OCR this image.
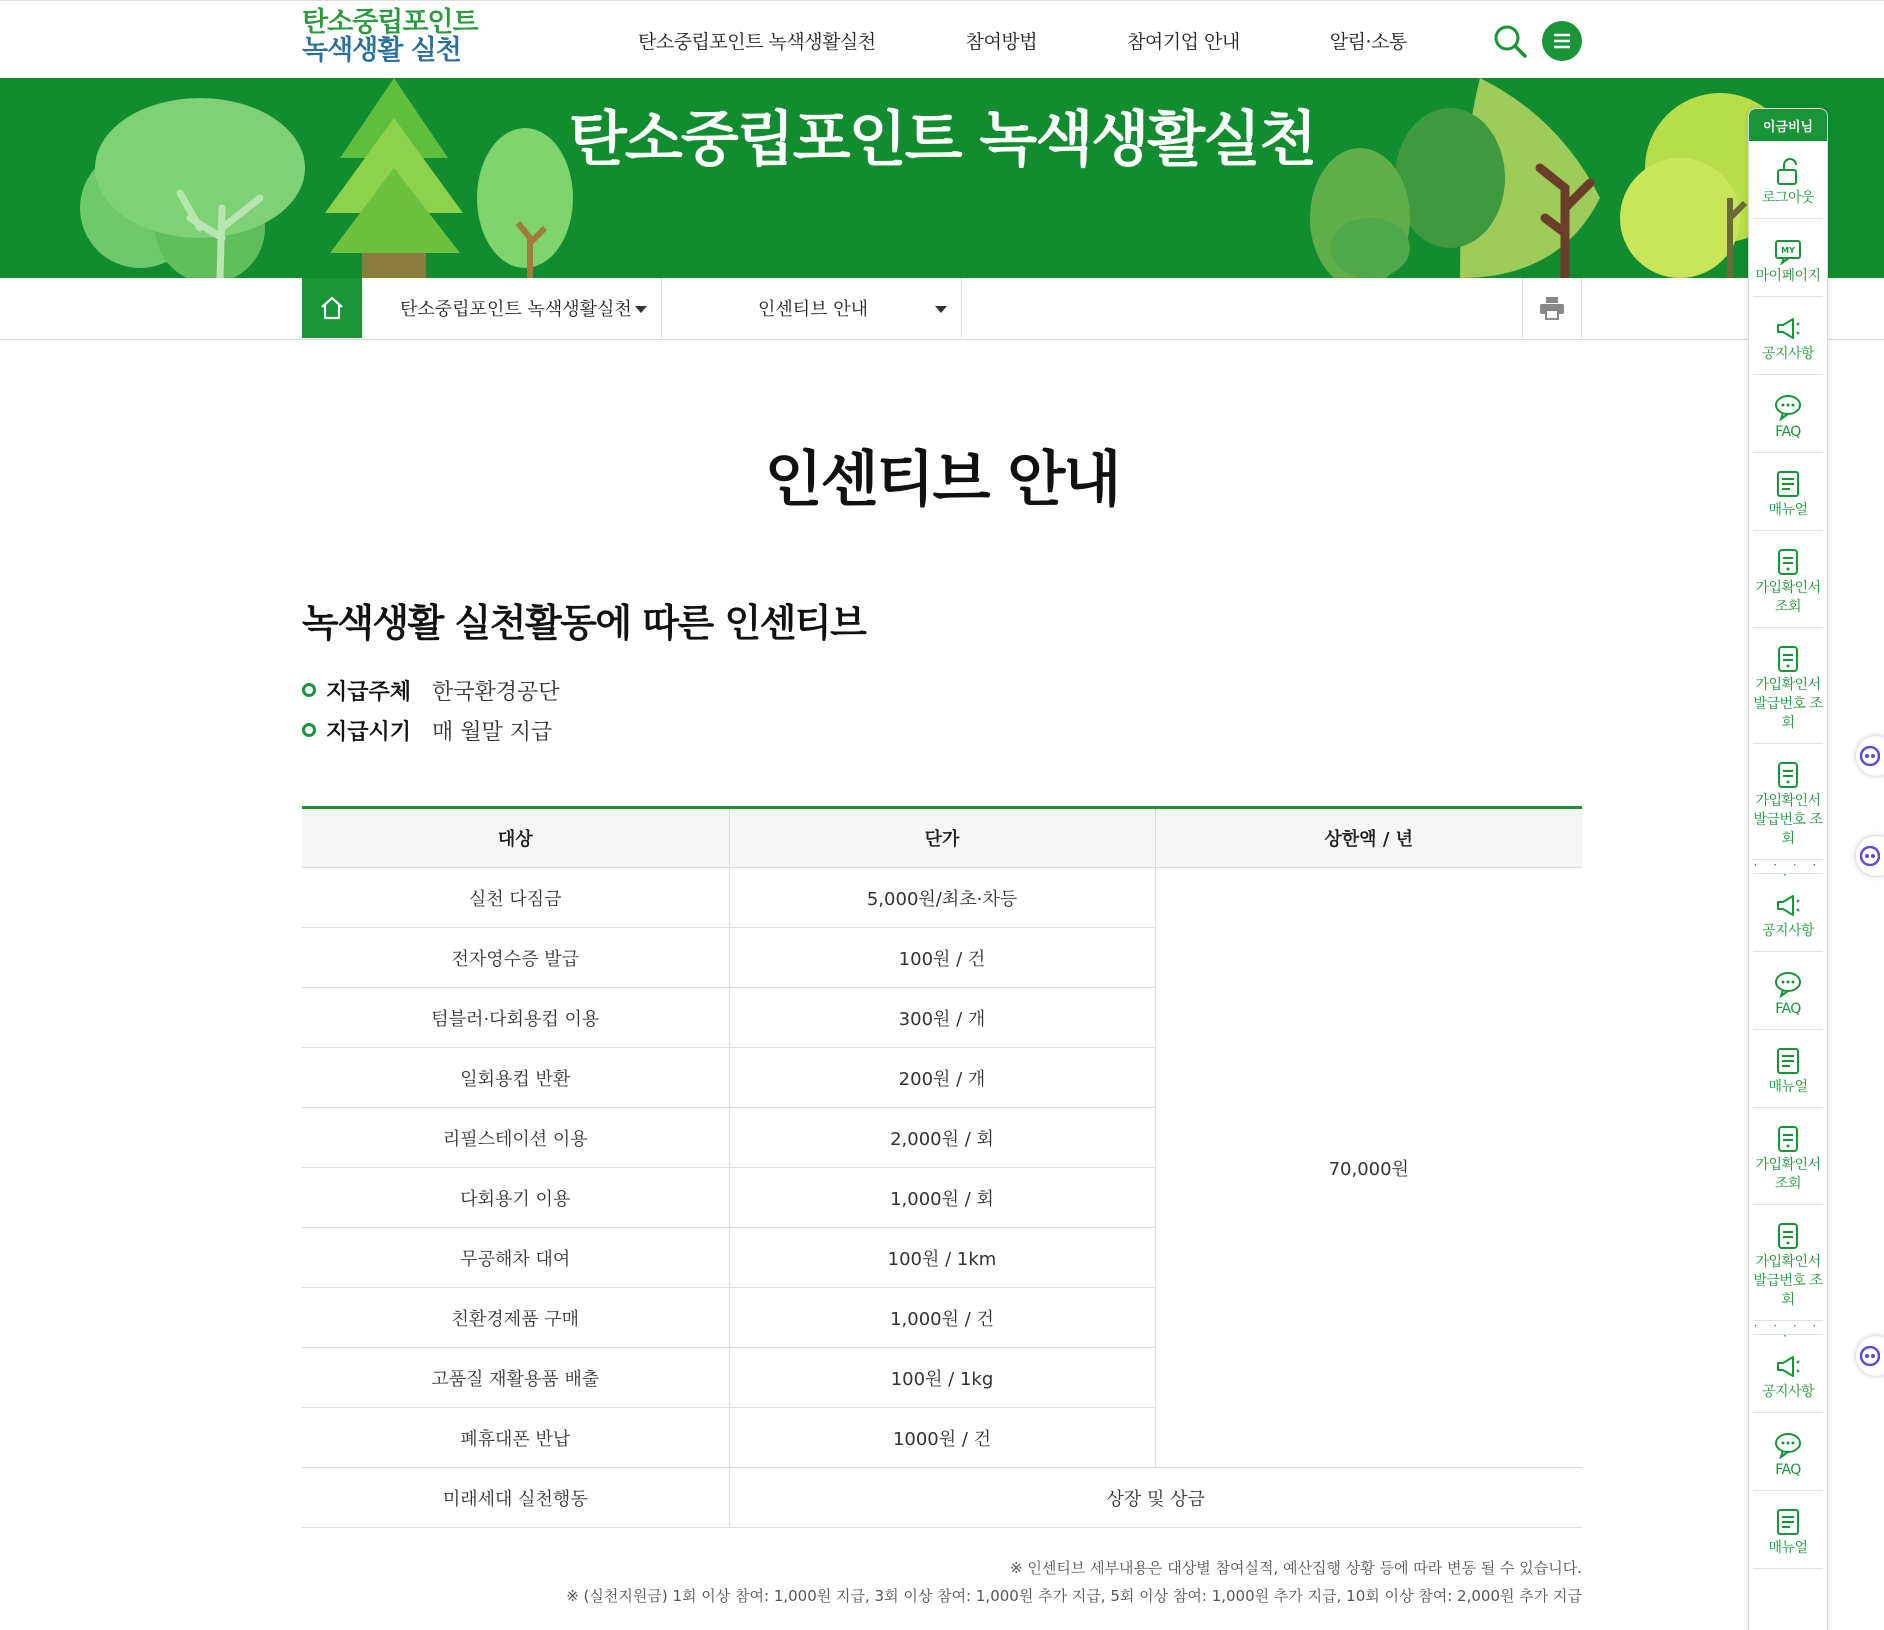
탄소중립포인트
녹색생활 실천	탄소중립포인트 녹색생활실천	참여방법	참여기업 안내	알림·소통
탄소중립포인트 녹색생활실천
탄소중립포인트 녹색생활실천	인센티브 안내
인센티브 안내
녹색생활 실천활동에 따른 인센티브
지급주체 한국환경공단
지급시기 매 월말 지급
대상	단가	상한액 / 년
실천 다짐금	5,000원/최초·차등	70,000원
전자영수증 발급	100원 / 건	
텀블러·다회용컵 이용	300원 / 개	
일회용컵 반환	200원 / 개	
리필스테이션 이용	2,000원 / 회	
다회용기 이용	1,000원 / 회	
무공해차 대여	100원 / 1km	
친환경제품 구매	1,000원 / 건	
고품질 재활용품 배출	100원 / 1kg	
폐휴대폰 반납	1000원 / 건	
미래세대 실천행동	상장 및 상금	
※ 인센티브 세부내용은 대상별 참여실적, 예산집행 상황 등에 따라 변동 될 수 있습니다.
※ (실천지원금) 1회 이상 참여: 1,000원 지급, 3회 이상 참여: 1,000원 추가 지급, 5회 이상 참여: 1,000원 추가 지급, 10회 이상 참여: 2,000원 추가 지급
이금비님
로그아웃
MY
마이페이지
공지사항
FAQ
매뉴얼
가입확인서 조회
가입확인서 발급번호 조회
가입확인서 발급번호 조회
· · · · ·
공지사항
FAQ
매뉴얼
가입확인서 조회
가입확인서 발급번호 조회
· · · · ·
공지사항
FAQ
매뉴얼
